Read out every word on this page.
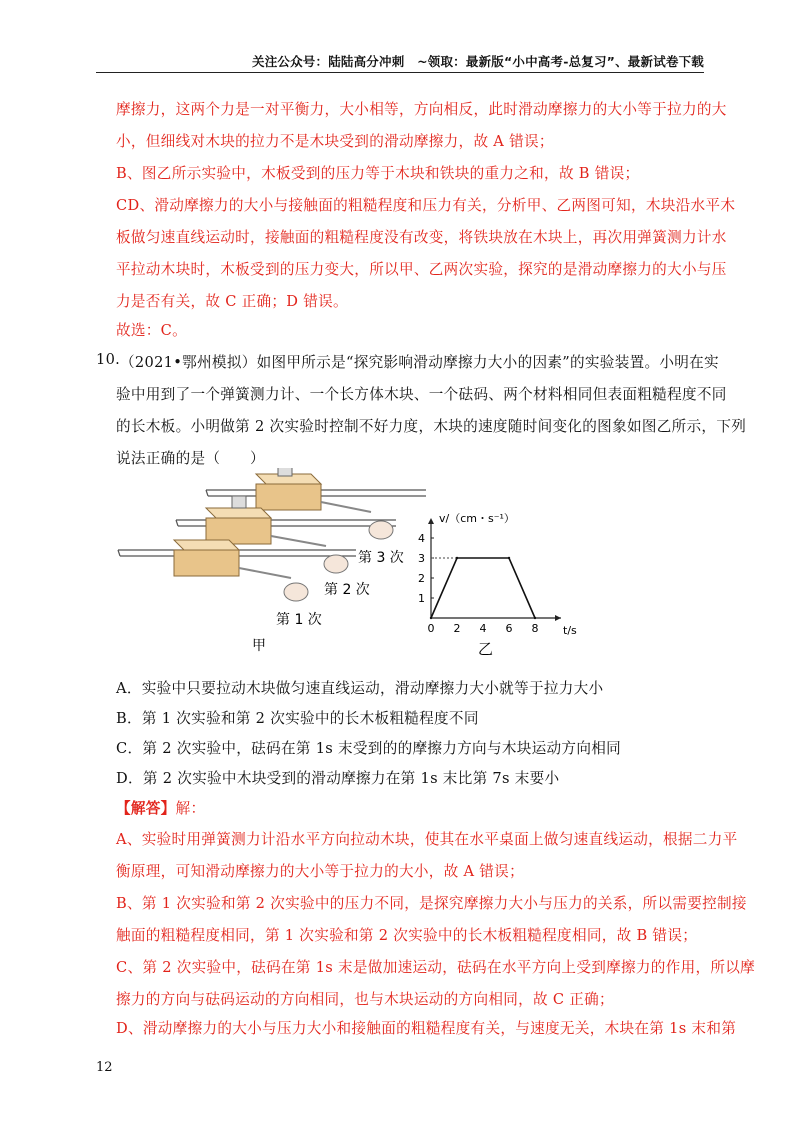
关注公众号：陆陆高分冲刺　~领取：最新版“小中高考-总复习”、最新试卷下载
摩擦力，这两个力是一对平衡力，大小相等，方向相反，此时滑动摩擦力的大小等于拉力的大
小，但细线对木块的拉力不是木块受到的滑动摩擦力，故 A 错误；
B、图乙所示实验中，木板受到的压力等于木块和铁块的重力之和，故 B 错误；
CD、滑动摩擦力的大小与接触面的粗糙程度和压力有关，分析甲、乙两图可知，木块沿水平木
板做匀速直线运动时，接触面的粗糙程度没有改变，将铁块放在木块上，再次用弹簧测力计水
平拉动木块时，木板受到的压力变大，所以甲、乙两次实验，探究的是滑动摩擦力的大小与压
力是否有关，故 C 正确；D 错误。
故选：C。
10. （2021•鄂州模拟）如图甲所示是“探究影响滑动摩擦力大小的因素”的实验装置。小明在实
验中用到了一个弹簧测力计、一个长方体木块、一个砝码、两个材料相同但表面粗糙程度不同
的长木板。小明做第 2 次实验时控制不好力度，木块的速度随时间变化的图象如图乙所示，下列
说法正确的是（　　）
第 3 次
第 2 次
第 1 次
甲
0 2 4 6 8
1
2
3
4
v/（cm・s⁻¹）
t/s
乙
A．实验中只要拉动木块做匀速直线运动，滑动摩擦力大小就等于拉力大小
B．第 1 次实验和第 2 次实验中的长木板粗糙程度不同
C．第 2 次实验中，砝码在第 1s 末受到的的摩擦力方向与木块运动方向相同
D．第 2 次实验中木块受到的滑动摩擦力在第 1s 末比第 7s 末要小
【解答】解：
A、实验时用弹簧测力计沿水平方向拉动木块，使其在水平桌面上做匀速直线运动，根据二力平
衡原理，可知滑动摩擦力的大小等于拉力的大小，故 A 错误；
B、第 1 次实验和第 2 次实验中的压力不同，是探究摩擦力大小与压力的关系，所以需要控制接
触面的粗糙程度相同，第 1 次实验和第 2 次实验中的长木板粗糙程度相同，故 B 错误；
C、第 2 次实验中，砝码在第 1s 末是做加速运动，砝码在水平方向上受到摩擦力的作用，所以摩
擦力的方向与砝码运动的方向相同，也与木块运动的方向相同，故 C 正确；
D、滑动摩擦力的大小与压力大小和接触面的粗糙程度有关，与速度无关，木块在第 1s 末和第
12
